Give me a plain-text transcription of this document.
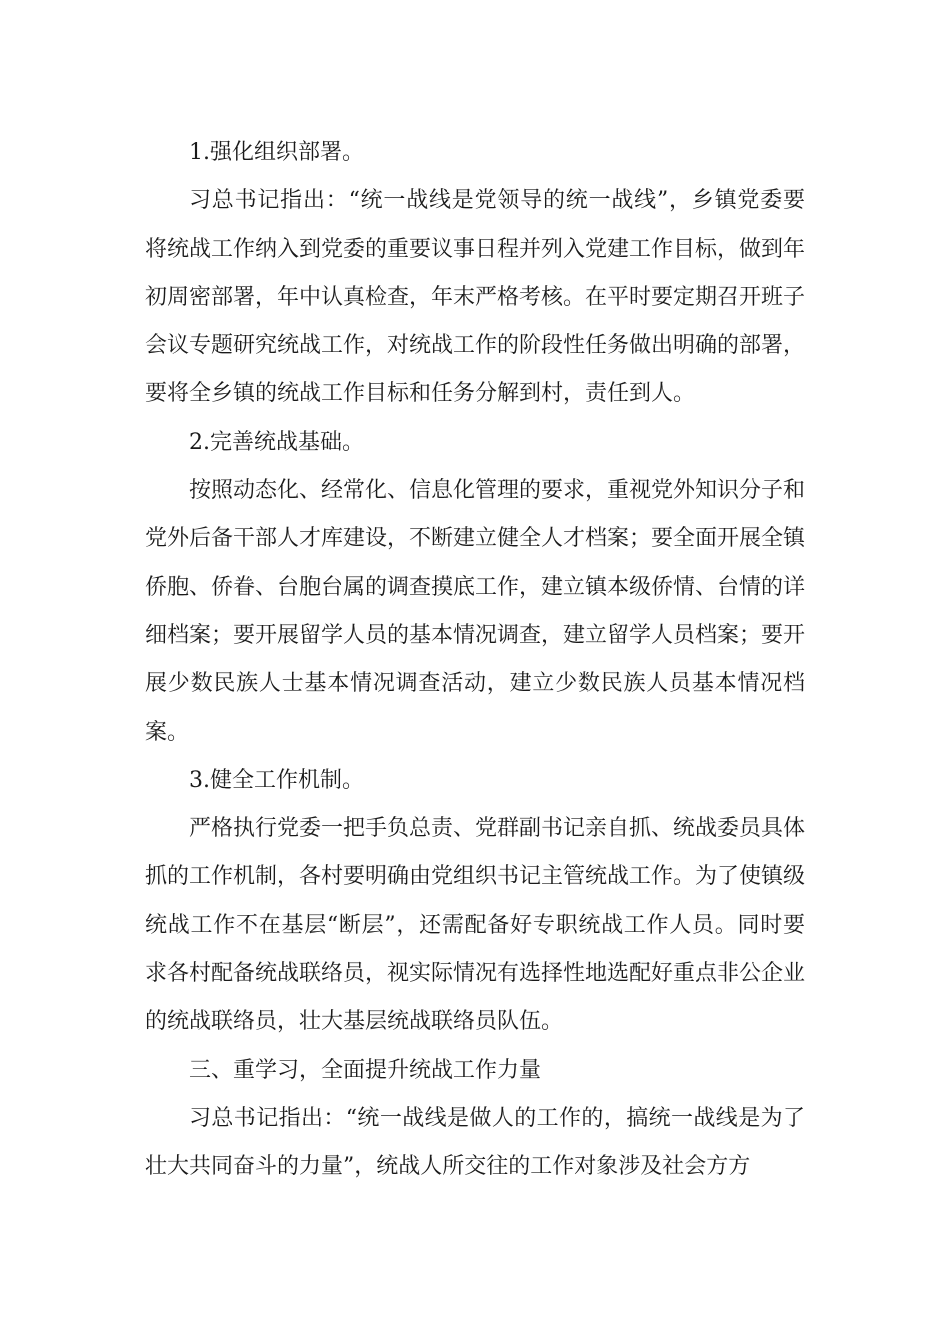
1.强化组织部署。

习总书记指出：“统一战线是党领导的统一战线”，乡镇党委要将统战工作纳入到党委的重要议事日程并列入党建工作目标，做到年初周密部署，年中认真检查，年末严格考核。在平时要定期召开班子会议专题研究统战工作，对统战工作的阶段性任务做出明确的部署，要将全乡镇的统战工作目标和任务分解到村，责任到人。

2.完善统战基础。

按照动态化、经常化、信息化管理的要求，重视党外知识分子和党外后备干部人才库建设，不断建立健全人才档案；要全面开展全镇侨胞、侨眷、台胞台属的调查摸底工作，建立镇本级侨情、台情的详细档案；要开展留学人员的基本情况调查，建立留学人员档案；要开展少数民族人士基本情况调查活动，建立少数民族人员基本情况档案。

3.健全工作机制。

严格执行党委一把手负总责、党群副书记亲自抓、统战委员具体抓的工作机制，各村要明确由党组织书记主管统战工作。为了使镇级统战工作不在基层“断层”，还需配备好专职统战工作人员。同时要求各村配备统战联络员，视实际情况有选择性地选配好重点非公企业的统战联络员，壮大基层统战联络员队伍。

三、重学习，全面提升统战工作力量

习总书记指出：“统一战线是做人的工作的，搞统一战线是为了壮大共同奋斗的力量”，统战人所交往的工作对象涉及社会方方
